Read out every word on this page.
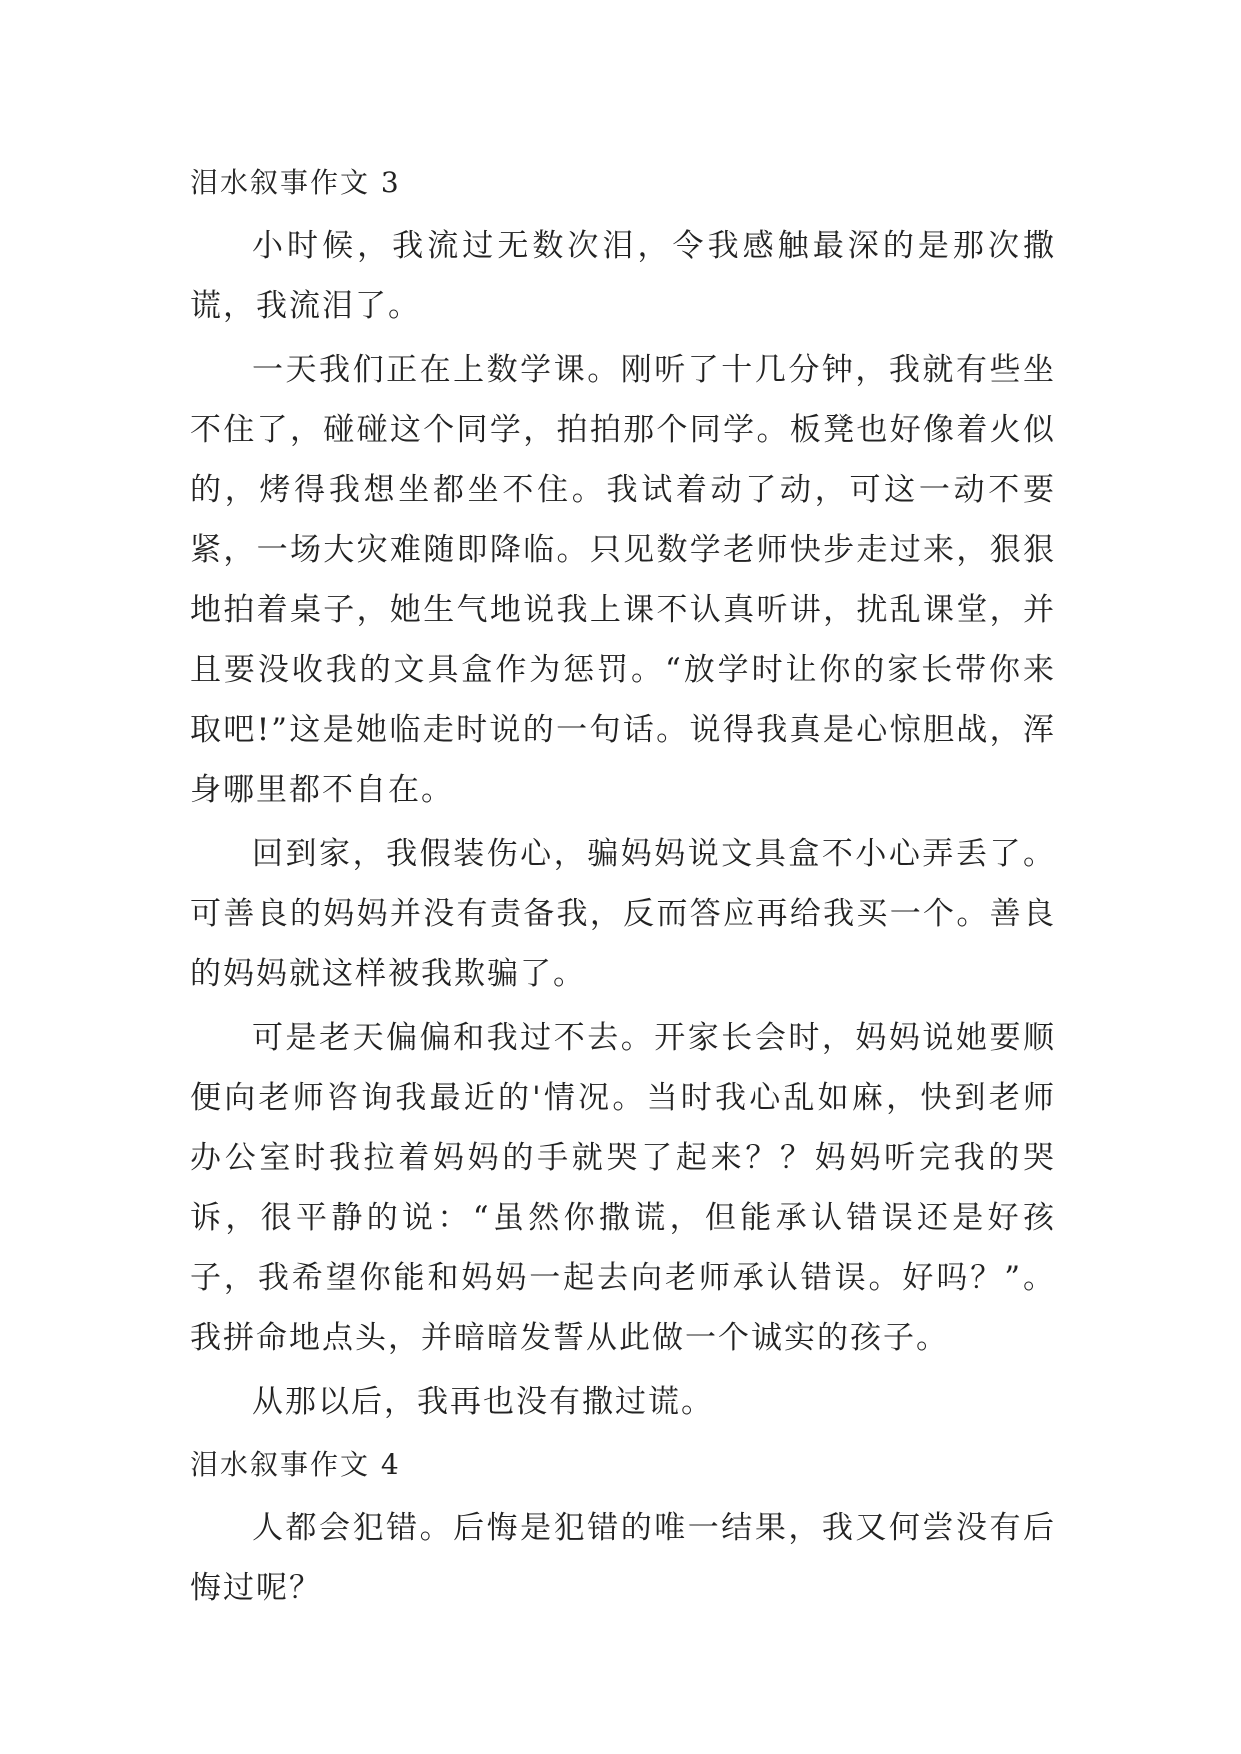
泪水叙事作文 3

小时候，我流过无数次泪，令我感触最深的是那次撒谎，我流泪了。

一天我们正在上数学课。刚听了十几分钟，我就有些坐不住了，碰碰这个同学，拍拍那个同学。板凳也好像着火似的，烤得我想坐都坐不住。我试着动了动，可这一动不要紧，一场大灾难随即降临。只见数学老师快步走过来，狠狠地拍着桌子，她生气地说我上课不认真听讲，扰乱课堂，并且要没收我的文具盒作为惩罚。“放学时让你的家长带你来取吧!”这是她临走时说的一句话。说得我真是心惊胆战，浑身哪里都不自在。

回到家，我假装伤心，骗妈妈说文具盒不小心弄丢了。可善良的妈妈并没有责备我，反而答应再给我买一个。善良的妈妈就这样被我欺骗了。

可是老天偏偏和我过不去。开家长会时，妈妈说她要顺便向老师咨询我最近的'情况。当时我心乱如麻，快到老师办公室时我拉着妈妈的手就哭了起来？？妈妈听完我的哭诉，很平静的说：“虽然你撒谎，但能承认错误还是好孩子，我希望你能和妈妈一起去向老师承认错误。好吗？”。我拼命地点头，并暗暗发誓从此做一个诚实的孩子。

从那以后，我再也没有撒过谎。

泪水叙事作文 4

人都会犯错。后悔是犯错的唯一结果，我又何尝没有后悔过呢？
